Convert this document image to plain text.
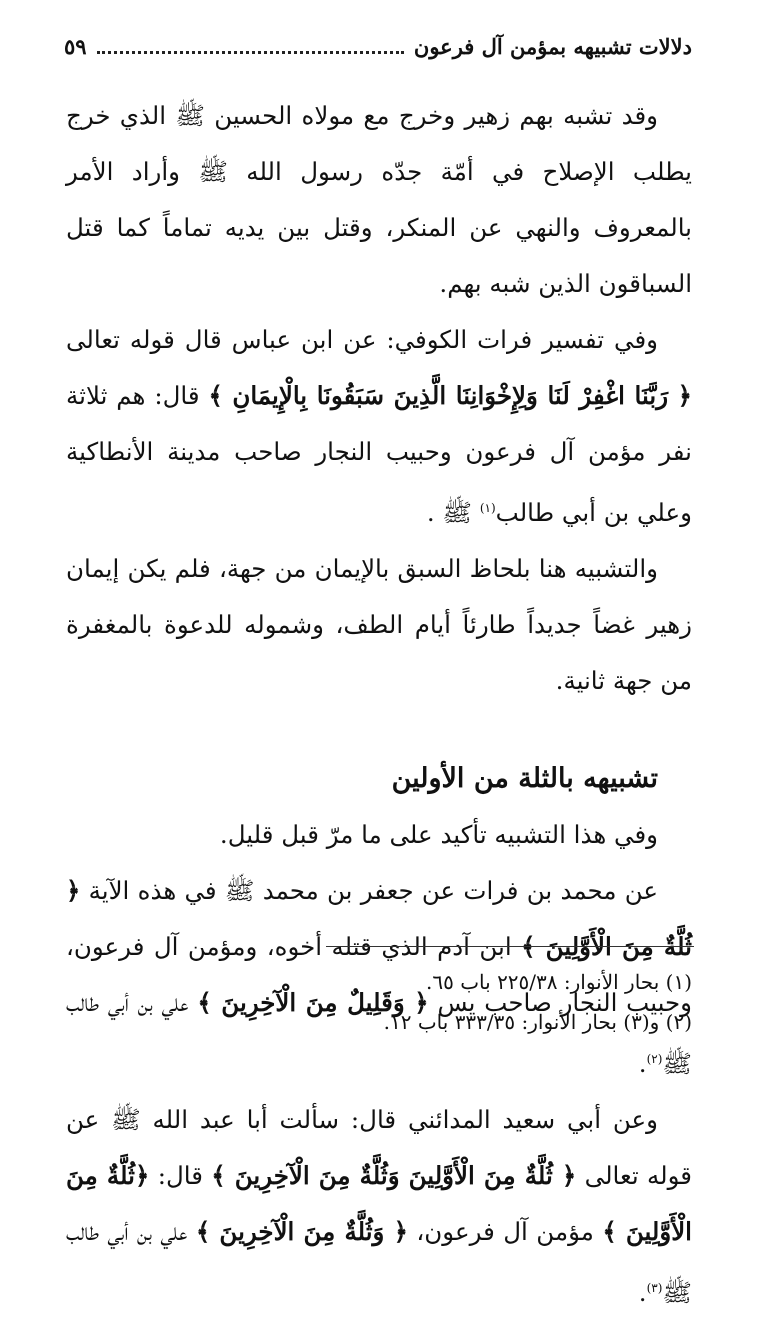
دلالات تشبيهه بمؤمن آل فرعون
٥٩

وقد تشبه بهم زهير وخرج مع مولاه الحسين ﷺ الذي خرج يطلب الإصلاح في أمّة جدّه رسول الله ﷺ وأراد الأمر بالمعروف والنهي عن المنكر، وقتل بين يديه تماماً كما قتل السباقون الذين شبه بهم.

وفي تفسير فرات الكوفي: عن ابن عباس قال قوله تعالى ﴿ رَبَّنَا اغْفِرْ لَنَا وَلِإِخْوَانِنَا الَّذِينَ سَبَقُونَا بِالْإِيمَانِ ﴾ قال: هم ثلاثة نفر مؤمن آل فرعون وحبيب النجار صاحب مدينة الأنطاكية وعلي بن أبي طالب$^{(١)}$ ﷺ .

والتشبيه هنا بلحاظ السبق بالإيمان من جهة، فلم يكن إيمان زهير غضاً جديداً طارئاً أيام الطف، وشموله للدعوة بالمغفرة من جهة ثانية.

تشبيهه بالثلة من الأولين

وفي هذا التشبيه تأكيد على ما مرّ قبل قليل.

عن محمد بن فرات عن جعفر بن محمد ﷺ في هذه الآية ﴿ ثُلَّةٌ مِنَ الْأَوَّلِينَ ﴾ ابن آدم الذي قتله أخوه، ومؤمن آل فرعون، وحبيب النجار صاحب يس ﴿ وَقَلِيلٌ مِنَ الْآخِرِينَ ﴾ علي بن أبي طالب ﷺ$^{(٢)}$.

وعن أبي سعيد المدائني قال: سألت أبا عبد الله ﷺ عن قوله تعالى ﴿ ثُلَّةٌ مِنَ الْأَوَّلِينَ وَثُلَّةٌ مِنَ الْآخِرِينَ ﴾ قال: ﴿ثُلَّةٌ مِنَ الْأَوَّلِينَ ﴾ مؤمن آل فرعون، ﴿ وَثُلَّةٌ مِنَ الْآخِرِينَ ﴾ علي بن أبي طالب ﷺ$^{(٣)}$.

(١) بحار الأنوار: ٢٢٥/٣٨ باب ٦٥.

(٢) و(٣) بحار الأنوار: ٣٣٣/٣٥ باب ١٢.
